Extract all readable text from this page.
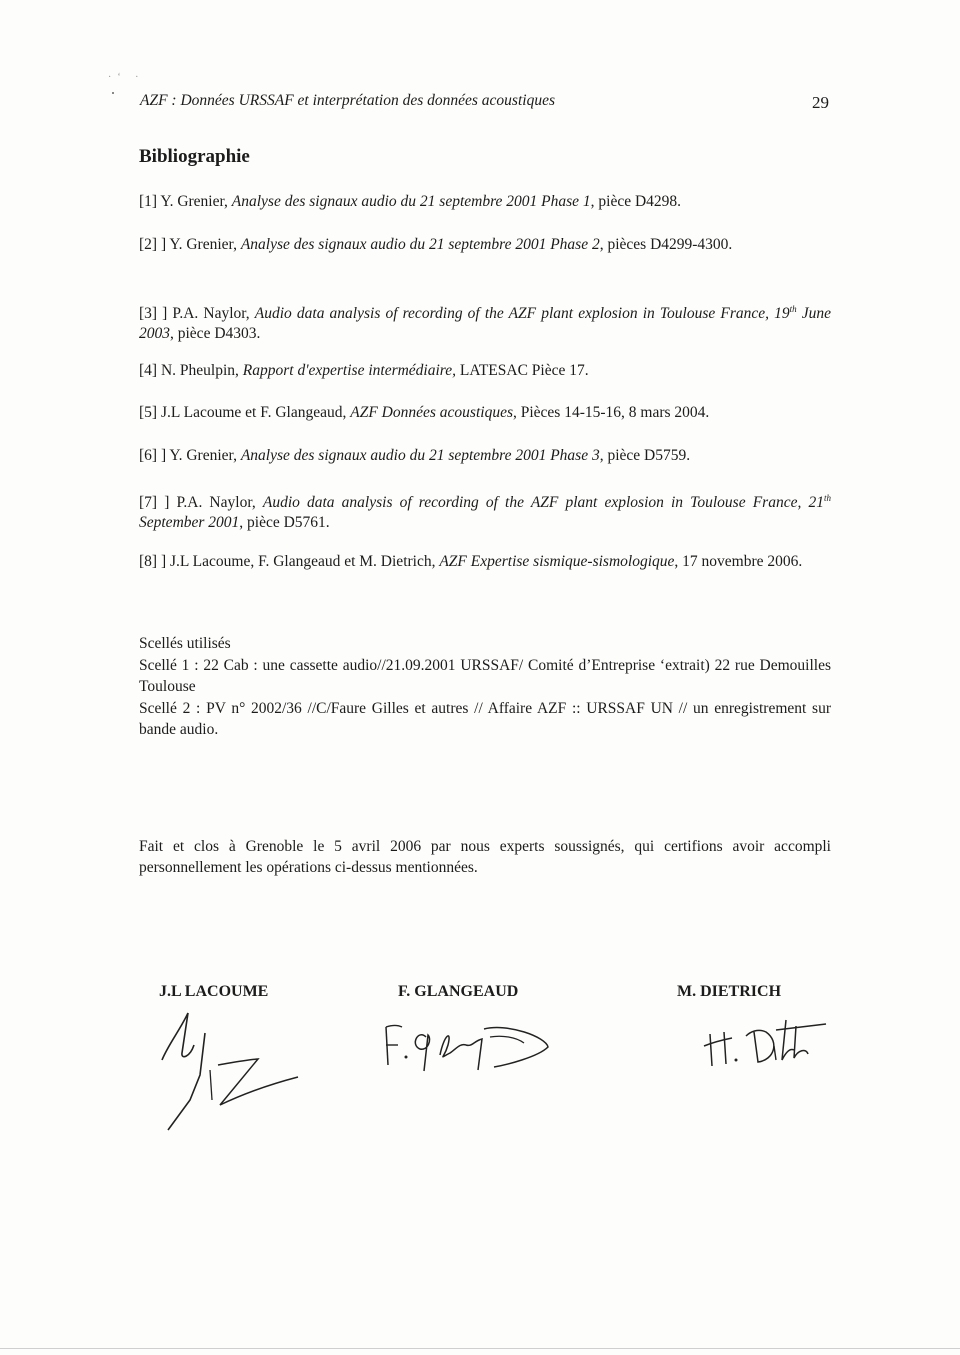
·‘ ·
AZF : Données URSSAF et interprétation des données acoustiques	29
Bibliographie
[1] Y. Grenier, Analyse des signaux audio du 21 septembre 2001 Phase 1, pièce D4298.
[2] ] Y. Grenier, Analyse des signaux audio du 21 septembre 2001 Phase 2, pièces D4299-4300.
[3] ] P.A. Naylor, Audio data analysis of recording of the AZF plant explosion in Toulouse France, 19th June 2003, pièce D4303.
[4] N. Pheulpin, Rapport d'expertise intermédiaire, LATESAC Pièce 17.
[5] J.L Lacoume et F. Glangeaud, AZF Données acoustiques, Pièces 14-15-16, 8 mars 2004.
[6] ] Y. Grenier, Analyse des signaux audio du 21 septembre 2001 Phase 3, pièce D5759.
[7] ] P.A. Naylor, Audio data analysis of recording of the AZF plant explosion in Toulouse France, 21th September 2001, pièce D5761.
[8] ] J.L Lacoume, F. Glangeaud et M. Dietrich, AZF Expertise sismique-sismologique, 17 novembre 2006.
Scellés utilisés
Scellé 1 : 22 Cab : une cassette audio//21.09.2001 URSSAF/ Comité d’Entreprise ‘extrait) 22 rue Demouilles Toulouse
Scellé 2 : PV n° 2002/36 //C/Faure Gilles et autres // Affaire AZF :: URSSAF UN // un enregistrement sur bande audio.
Fait et clos à Grenoble le 5 avril 2006 par nous experts soussignés, qui certifions avoir accompli personnellement les opérations ci-dessus mentionnées.
J.L LACOUME	F. GLANGEAUD	M. DIETRICH
